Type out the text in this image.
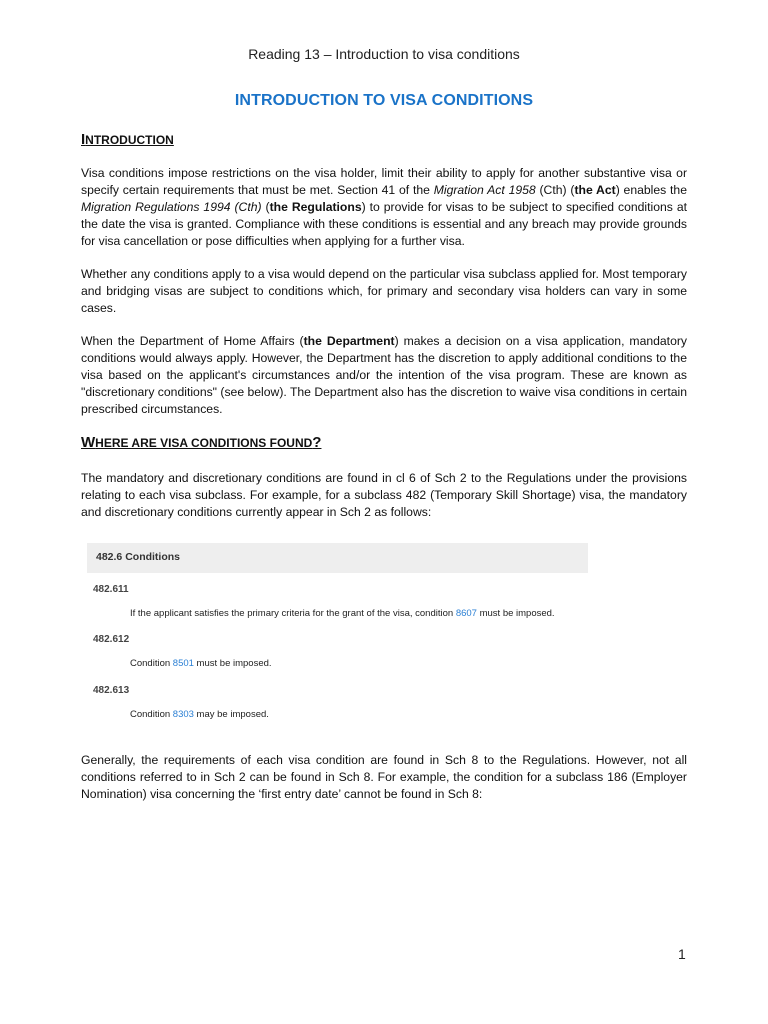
Reading 13 – Introduction to visa conditions
INTRODUCTION TO VISA CONDITIONS
INTRODUCTION

Visa conditions impose restrictions on the visa holder, limit their ability to apply for another substantive visa or specify certain requirements that must be met. Section 41 of the Migration Act 1958 (Cth) (the Act) enables the Migration Regulations 1994 (Cth) (the Regulations) to provide for visas to be subject to specified conditions at the date the visa is granted. Compliance with these conditions is essential and any breach may provide grounds for visa cancellation or pose difficulties when applying for a further visa.

Whether any conditions apply to a visa would depend on the particular visa subclass applied for. Most temporary and bridging visas are subject to conditions which, for primary and secondary visa holders can vary in some cases.

When the Department of Home Affairs (the Department) makes a decision on a visa application, mandatory conditions would always apply. However, the Department has the discretion to apply additional conditions to the visa based on the applicant's circumstances and/or the intention of the visa program. These are known as "discretionary conditions" (see below). The Department also has the discretion to waive visa conditions in certain prescribed circumstances.

WHERE ARE VISA CONDITIONS FOUND?

The mandatory and discretionary conditions are found in cl 6 of Sch 2 to the Regulations under the provisions relating to each visa subclass. For example, for a subclass 482 (Temporary Skill Shortage) visa, the mandatory and discretionary conditions currently appear in Sch 2 as follows:

482.6 Conditions
482.611
If the applicant satisfies the primary criteria for the grant of the visa, condition 8607 must be imposed.
482.612
Condition 8501 must be imposed.
482.613
Condition 8303 may be imposed.

Generally, the requirements of each visa condition are found in Sch 8 to the Regulations. However, not all conditions referred to in Sch 2 can be found in Sch 8. For example, the condition for a subclass 186 (Employer Nomination) visa concerning the ‘first entry date’ cannot be found in Sch 8:

1
